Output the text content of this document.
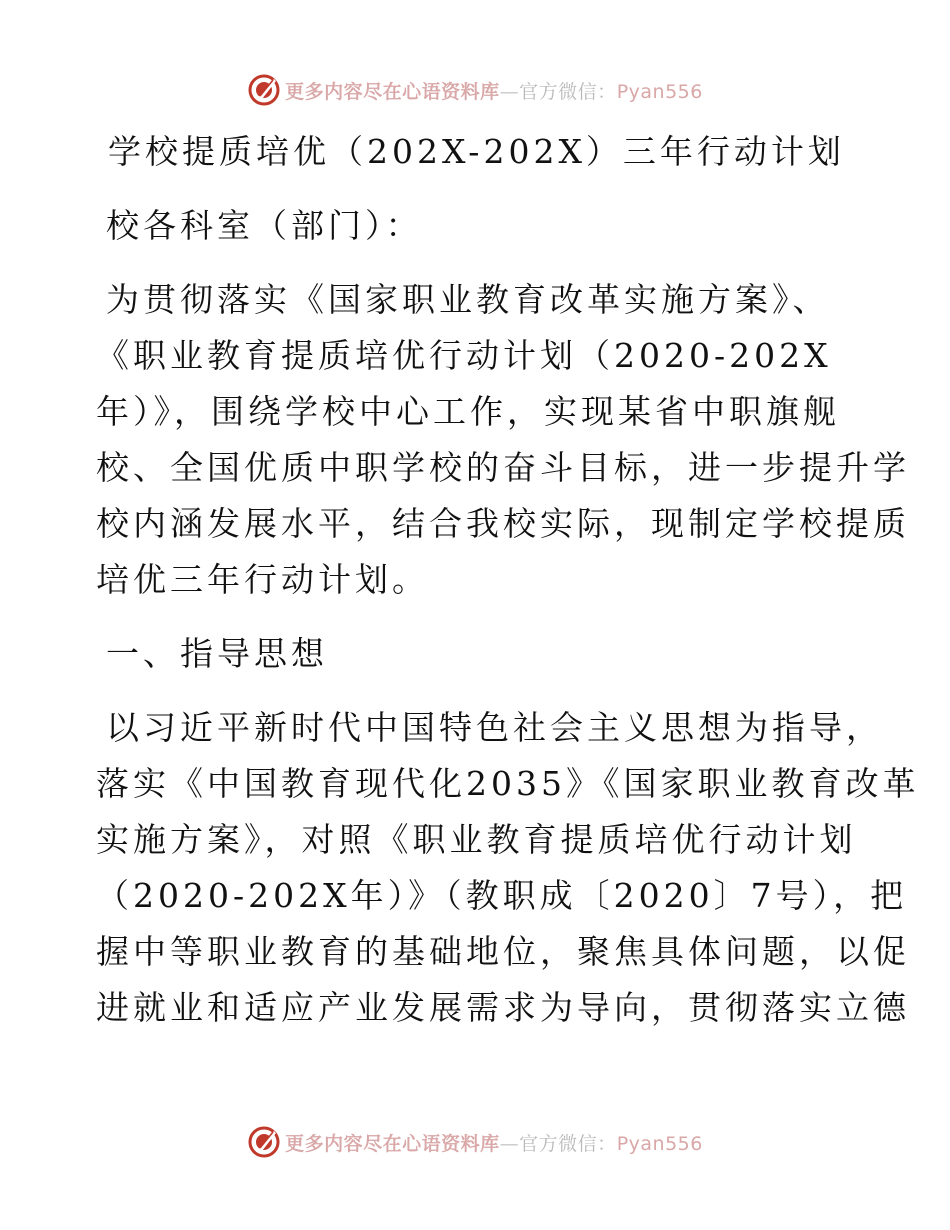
更多内容尽在心语资料库—官方微信：Pyan556

学校提质培优（202X-202X）三年行动计划

校各科室（部门）：

为贯彻落实《国家职业教育改革实施方案》、

《职业教育提质培优行动计划（2020-202X

年）》，围绕学校中心工作，实现某省中职旗舰

校、全国优质中职学校的奋斗目标，进一步提升学

校内涵发展水平，结合我校实际，现制定学校提质

培优三年行动计划。

一、指导思想

以习近平新时代中国特色社会主义思想为指导，

落实《中国教育现代化2035》《国家职业教育改革

实施方案》，对照《职业教育提质培优行动计划

（2020-202X年）》（教职成〔2020〕7号），把

握中等职业教育的基础地位，聚焦具体问题，以促

进就业和适应产业发展需求为导向，贯彻落实立德

更多内容尽在心语资料库—官方微信：Pyan556
